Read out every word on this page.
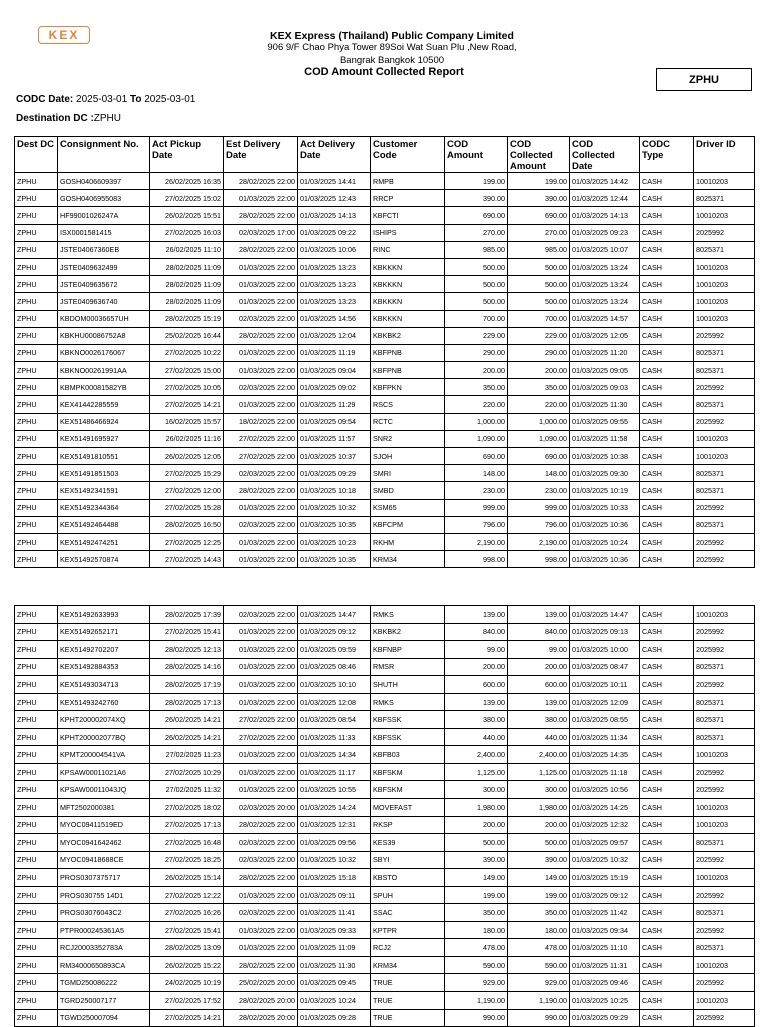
KEX	KEX Express (Thailand) Public Company Limited
906 9/F Chao Phya Tower 89Soi Wat Suan Plu ,New Road,
Bangrak Bangkok 10500
COD Amount Collected Report
ZPHU
CODC Date: 2025-03-01 To 2025-03-01
Destination DC :ZPHU
Dest DC	Consignment No.	Act Pickup Date	Est Delivery Date	Act Delivery Date	Customer Code	COD Amount	COD Collected Amount	COD Collected Date	CODC Type	Driver ID
ZPHU	GOSH0406609397	26/02/2025 16:35	28/02/2025 22:00	01/03/2025 14:41	RMPB	199.00	199.00	01/03/2025 14:42	CASH	10010203
ZPHU	GOSH0406955083	27/02/2025 15:02	01/03/2025 22:00	01/03/2025 12:43	RRCP	390.00	390.00	01/03/2025 12:44	CASH	8025371
ZPHU	HF99001026247A	26/02/2025 15:51	28/02/2025 22:00	01/03/2025 14:13	KBFCTI	690.00	690.00	01/03/2025 14:13	CASH	10010203
ZPHU	ISX0001581415	27/02/2025 16:03	02/03/2025 17:00	01/03/2025 09:22	ISHIPS	270.00	270.00	01/03/2025 09:23	CASH	2025992
ZPHU	JSTE04067360EB	26/02/2025 11:10	28/02/2025 22:00	01/03/2025 10:06	RINC	985.00	985.00	01/03/2025 10:07	CASH	8025371
ZPHU	JSTE0409632499	28/02/2025 11:09	01/03/2025 22:00	01/03/2025 13:23	KBKKKN	500.00	500.00	01/03/2025 13:24	CASH	10010203
ZPHU	JSTE0409635672	28/02/2025 11:09	01/03/2025 22:00	01/03/2025 13:23	KBKKKN	500.00	500.00	01/03/2025 13:24	CASH	10010203
ZPHU	JSTE0409636740	28/02/2025 11:09	01/03/2025 22:00	01/03/2025 13:23	KBKKKN	500.00	500.00	01/03/2025 13:24	CASH	10010203
ZPHU	KBDOM00036657UH	28/02/2025 15:19	02/03/2025 22:00	01/03/2025 14:56	KBKKKN	700.00	700.00	01/03/2025 14:57	CASH	10010203
ZPHU	KBKHU00086752A8	25/02/2025 16:44	28/02/2025 22:00	01/03/2025 12:04	KBKBK2	229.00	229.00	01/03/2025 12:05	CASH	2025992
ZPHU	KBKNO0026176067	27/02/2025 10:22	01/03/2025 22:00	01/03/2025 11:19	KBFPNB	290.00	290.00	01/03/2025 11:20	CASH	8025371
ZPHU	KBKNO00261991AA	27/02/2025 15:00	01/03/2025 22:00	01/03/2025 09:04	KBFPNB	200.00	200.00	01/03/2025 09:05	CASH	8025371
ZPHU	KBMPK00081582YB	27/02/2025 10:05	02/03/2025 22:00	01/03/2025 09:02	KBFPKN	350.00	350.00	01/03/2025 09:03	CASH	2025992
ZPHU	KEX41442285559	27/02/2025 14:21	01/03/2025 22:00	01/03/2025 11:29	RSCS	220.00	220.00	01/03/2025 11:30	CASH	8025371
ZPHU	KEX51486466924	16/02/2025 15:57	18/02/2025 22:00	01/03/2025 09:54	RCTC	1,000.00	1,000.00	01/03/2025 09:55	CASH	2025992
ZPHU	KEX51491695927	26/02/2025 11:16	27/02/2025 22:00	01/03/2025 11:57	SNR2	1,090.00	1,090.00	01/03/2025 11:58	CASH	10010203
ZPHU	KEX51491810551	26/02/2025 12:05	27/02/2025 22:00	01/03/2025 10:37	SJOH	690.00	690.00	01/03/2025 10:38	CASH	10010203
ZPHU	KEX51491851503	27/02/2025 15:29	02/03/2025 22:00	01/03/2025 09:29	SMRI	148.00	148.00	01/03/2025 09:30	CASH	8025371
ZPHU	KEX51492341591	27/02/2025 12:00	28/02/2025 22:00	01/03/2025 10:18	SMBD	230.00	230.00	01/03/2025 10:19	CASH	8025371
ZPHU	KEX51492344364	27/02/2025 15:28	01/03/2025 22:00	01/03/2025 10:32	KSM65	999.00	999.00	01/03/2025 10:33	CASH	2025992
ZPHU	KEX51492464488	28/02/2025 16:50	02/03/2025 22:00	01/03/2025 10:35	KBFCPM	796.00	796.00	01/03/2025 10:36	CASH	8025371
ZPHU	KEX51492474251	27/02/2025 12:25	01/03/2025 22:00	01/03/2025 10:23	RKHM	2,190.00	2,190.00	01/03/2025 10:24	CASH	2025992
ZPHU	KEX51492570874	27/02/2025 14:43	01/03/2025 22:00	01/03/2025 10:35	KRM34	998.00	998.00	01/03/2025 10:36	CASH	2025992
ZPHU	KEX51492633993	28/02/2025 17:39	02/03/2025 22:00	01/03/2025 14:47	RMKS	139.00	139.00	01/03/2025 14:47	CASH	10010203
ZPHU	KEX51492652171	27/02/2025 15:41	01/03/2025 22:00	01/03/2025 09:12	KBKBK2	840.00	840.00	01/03/2025 09:13	CASH	2025992
ZPHU	KEX51492702207	28/02/2025 12:13	01/03/2025 22:00	01/03/2025 09:59	KBFNBP	99.00	99.00	01/03/2025 10:00	CASH	2025992
ZPHU	KEX51492884353	28/02/2025 14:16	01/03/2025 22:00	01/03/2025 08:46	RMSR	200.00	200.00	01/03/2025 08:47	CASH	8025371
ZPHU	KEX51493034713	28/02/2025 17:19	01/03/2025 22:00	01/03/2025 10:10	SHUTH	600.00	600.00	01/03/2025 10:11	CASH	2025992
ZPHU	KEX51493242760	28/02/2025 17:13	01/03/2025 22:00	01/03/2025 12:08	RMKS	139.00	139.00	01/03/2025 12:09	CASH	8025371
ZPHU	KPHT200002074XQ	26/02/2025 14:21	27/02/2025 22:00	01/03/2025 08:54	KBFSSK	380.00	380.00	01/03/2025 08:55	CASH	8025371
ZPHU	KPHT200002077BQ	26/02/2025 14:21	27/02/2025 22:00	01/03/2025 11:33	KBFSSK	440.00	440.00	01/03/2025 11:34	CASH	8025371
ZPHU	KPMT200004541VA	27/02/2025 11:23	01/03/2025 22:00	01/03/2025 14:34	KBFB03	2,400.00	2,400.00	01/03/2025 14:35	CASH	10010203
ZPHU	KPSAW00011021A6	27/02/2025 10:29	01/03/2025 22:00	01/03/2025 11:17	KBFSKM	1,125.00	1,125.00	01/03/2025 11:18	CASH	2025992
ZPHU	KPSAW00011043JQ	27/02/2025 11:32	01/03/2025 22:00	01/03/2025 10:55	KBFSKM	300.00	300.00	01/03/2025 10:56	CASH	2025992
ZPHU	MFT2502000381	27/02/2025 18:02	02/03/2025 20:00	01/03/2025 14:24	MOVEFAST	1,980.00	1,980.00	01/03/2025 14:25	CASH	10010203
ZPHU	MYOC09411519ED	27/02/2025 17:13	28/02/2025 22:00	01/03/2025 12:31	RKSP	200.00	200.00	01/03/2025 12:32	CASH	10010203
ZPHU	MYOC0941642462	27/02/2025 16:48	02/03/2025 22:00	01/03/2025 09:56	KES39	500.00	500.00	01/03/2025 09:57	CASH	8025371
ZPHU	MYOC09418688CE	27/02/2025 18:25	02/03/2025 22:00	01/03/2025 10:32	SBYI	390.00	390.00	01/03/2025 10:32	CASH	2025992
ZPHU	PROS0307375717	26/02/2025 15:14	28/02/2025 22:00	01/03/2025 15:18	KBSTO	149.00	149.00	01/03/2025 15:19	CASH	10010203
ZPHU	PROS030755 14D1	27/02/2025 12:22	01/03/2025 22:00	01/03/2025 09:11	SPUH	199.00	199.00	01/03/2025 09:12	CASH	2025992
ZPHU	PROS03076043C2	27/02/2025 16:26	02/03/2025 22:00	01/03/2025 11:41	SSAC	350.00	350.00	01/03/2025 11:42	CASH	8025371
ZPHU	PTPR000245361A5	27/02/2025 15:41	01/03/2025 22:00	01/03/2025 09:33	KPTPR	180.00	180.00	01/03/2025 09:34	CASH	2025992
ZPHU	RCJ20003352783A	28/02/2025 13:09	01/03/2025 22:00	01/03/2025 11:09	RCJ2	478.00	478.00	01/03/2025 11:10	CASH	8025371
ZPHU	RM34000650893CA	26/02/2025 15:22	28/02/2025 22:00	01/03/2025 11:30	KRM34	590.00	590.00	01/03/2025 11:31	CASH	10010203
ZPHU	TGMD250086222	24/02/2025 10:19	25/02/2025 20:00	01/03/2025 09:45	TRUE	929.00	929.00	01/03/2025 09:46	CASH	2025992
ZPHU	TGRD250007177	27/02/2025 17:52	28/02/2025 20:00	01/03/2025 10:24	TRUE	1,190.00	1,190.00	01/03/2025 10:25	CASH	10010203
ZPHU	TGWD250007094	27/02/2025 14:21	28/02/2025 20:00	01/03/2025 09:28	TRUE	990.00	990.00	01/03/2025 09:29	CASH	2025992
